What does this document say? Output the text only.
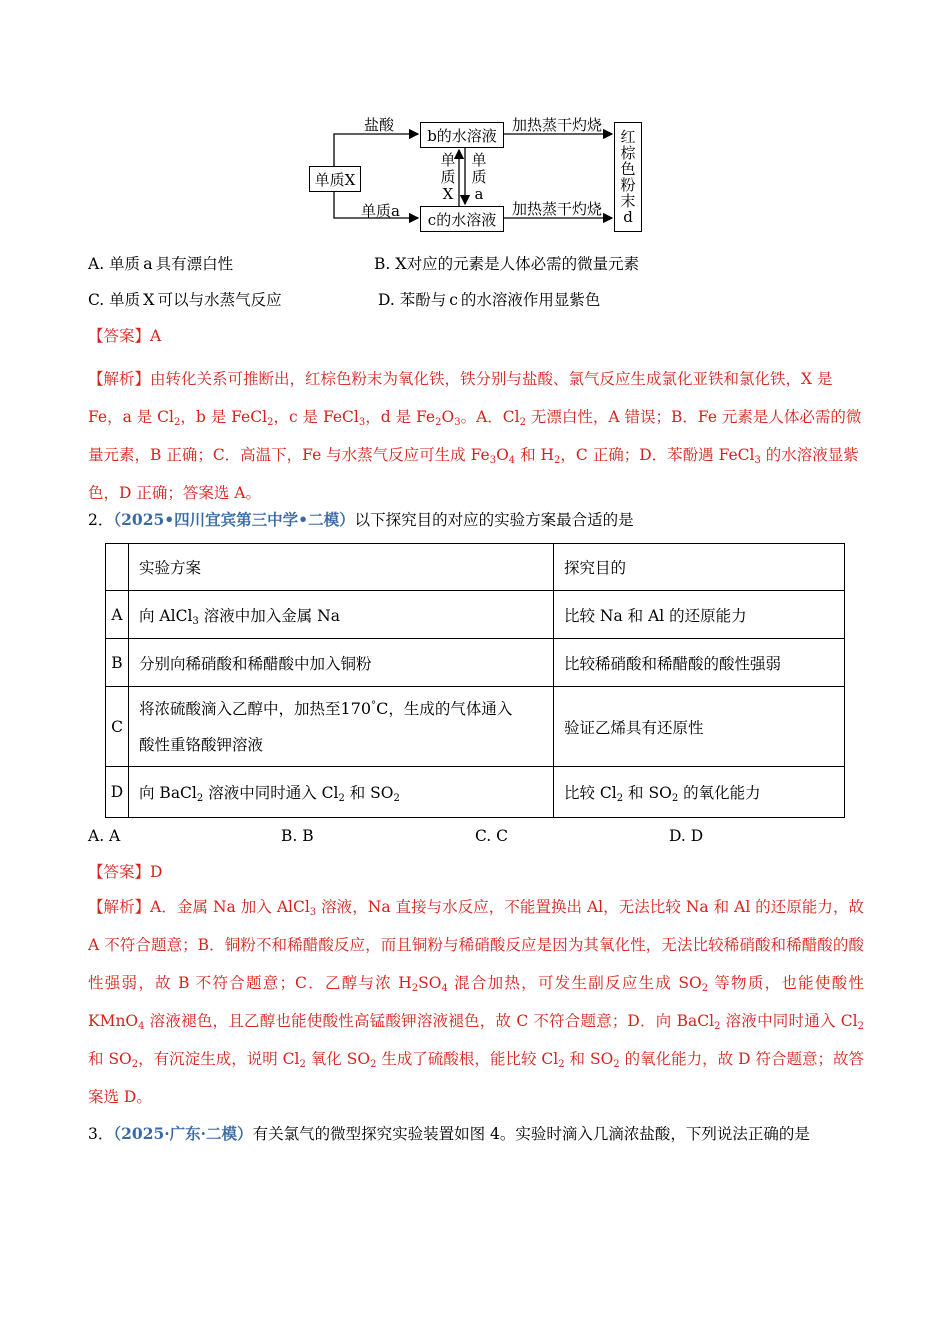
单质X
b的水溶液
c的水溶液
红
棕
色
粉
末
d
盐酸
单质a
加热蒸干灼烧
加热蒸干灼烧
单
质
X
单
质
a
A. 单质 a 具有漂白性	B. X对应的元素是人体必需的微量元素
C. 单质 X 可以与水蒸气反应	D. 苯酚与 c 的水溶液作用显紫色
【答案】A
【解析】由转化关系可推断出，红棕色粉末为氧化铁，铁分别与盐酸、氯气反应生成氯化亚铁和氯化铁，X 是 Fe，a 是 $Cl_2$，b 是 FeCl$_2$，c 是 FeCl$_3$，d 是 $Fe_2O_3$。A．$Cl_2$ 无漂白性，A 错误；B．Fe 元素是人体必需的微量元素，B 正确；C．高温下，Fe 与水蒸气反应可生成 $Fe_3O_4$ 和 $H_2$，C 正确；D．苯酚遇 FeCl$_3$ 的水溶液显紫色，D 正确；答案选 A。
2．（2025•四川宜宾第三中学•二模）以下探究目的对应的实验方案最合适的是
	实验方案	探究目的
A	向 AlCl$_3$ 溶液中加入金属 Na	比较 Na 和 Al 的还原能力
B	分别向稀硝酸和稀醋酸中加入铜粉	比较稀硝酸和稀醋酸的酸性强弱
C	将浓硫酸滴入乙醇中，加热至170°C，生成的气体通入
酸性重铬酸钾溶液	验证乙烯具有还原性
D	向 BaCl$_2$ 溶液中同时通入 $Cl_2$ 和 $SO_2$	比较 $Cl_2$ 和 $SO_2$ 的氧化能力
A. A	B. B	C. C	D. D
【答案】D
【解析】A．金属 Na 加入 AlCl$_3$ 溶液，Na 直接与水反应，不能置换出 Al，无法比较 Na 和 Al 的还原能力，故 A 不符合题意；B．铜粉不和稀醋酸反应，而且铜粉与稀硝酸反应是因为其氧化性，无法比较稀硝酸和稀醋酸的酸性强弱，故 B 不符合题意；C．乙醇与浓 $H_2SO_4$ 混合加热，可发生副反应生成 $SO_2$ 等物质，也能使酸性 KMnO$_4$ 溶液褪色，且乙醇也能使酸性高锰酸钾溶液褪色，故 C 不符合题意；D．向 BaCl$_2$ 溶液中同时通入 $Cl_2$ 和 $SO_2$，有沉淀生成，说明 $Cl_2$ 氧化 $SO_2$ 生成了硫酸根，能比较 $Cl_2$ 和 $SO_2$ 的氧化能力，故 D 符合题意；故答案选 D。
3．（2025·广东·二模）有关氯气的微型探究实验装置如图 4。实验时滴入几滴浓盐酸，下列说法正确的是
